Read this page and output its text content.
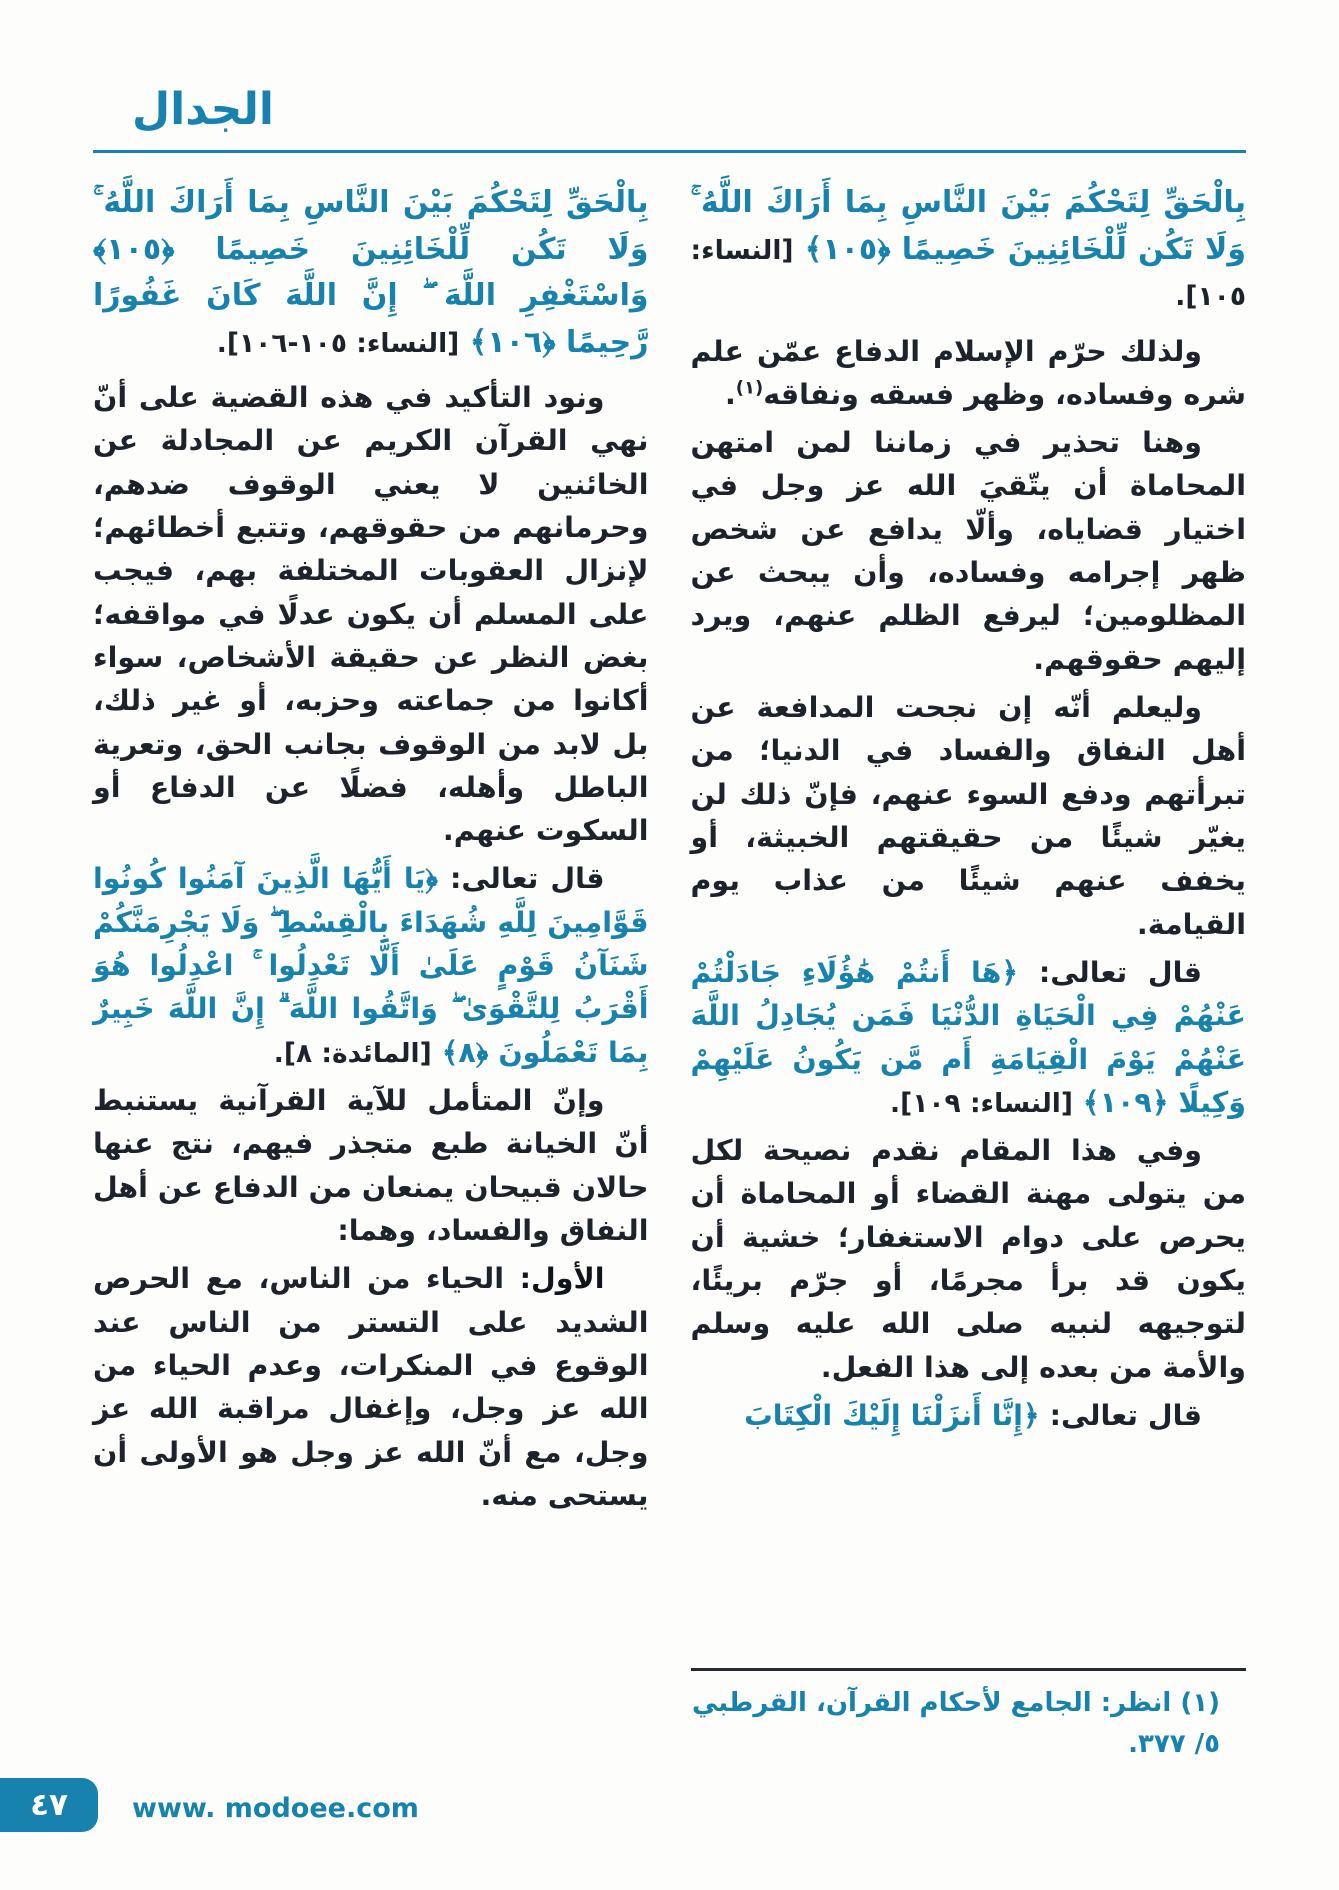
الجدال

بِالْحَقِّ لِتَحْكُمَ بَيْنَ النَّاسِ بِمَا أَرَاكَ اللَّهُ ۚ وَلَا تَكُن لِّلْخَائِنِينَ خَصِيمًا ﴿١٠٥﴾ [النساء: ١٠٥].

ولذلك حرّم الإسلام الدفاع عمّن علم شره وفساده، وظهر فسقه ونفاقه$^{(١)}$.

وهنا تحذير في زماننا لمن امتهن المحاماة أن يتّقيَ الله عز وجل في اختيار قضاياه، وألّا يدافع عن شخص ظهر إجرامه وفساده، وأن يبحث عن المظلومين؛ ليرفع الظلم عنهم، ويرد إليهم حقوقهم.

وليعلم أنّه إن نجحت المدافعة عن أهل النفاق والفساد في الدنيا؛ من تبرأتهم ودفع السوء عنهم، فإنّ ذلك لن يغيّر شيئًا من حقيقتهم الخبيثة، أو يخفف عنهم شيئًا من عذاب يوم القيامة.

قال تعالى: ﴿هَا أَنتُمْ هَٰؤُلَاءِ جَادَلْتُمْ عَنْهُمْ فِي الْحَيَاةِ الدُّنْيَا فَمَن يُجَادِلُ اللَّهَ عَنْهُمْ يَوْمَ الْقِيَامَةِ أَم مَّن يَكُونُ عَلَيْهِمْ وَكِيلًا ﴿١٠٩﴾ [النساء: ١٠٩].

وفي هذا المقام نقدم نصيحة لكل من يتولى مهنة القضاء أو المحاماة أن يحرص على دوام الاستغفار؛ خشية أن يكون قد برأ مجرمًا، أو جرّم بريئًا، لتوجيهه لنبيه صلى الله عليه وسلم والأمة من بعده إلى هذا الفعل.

قال تعالى: ﴿إِنَّا أَنزَلْنَا إِلَيْكَ الْكِتَابَ

(١) انظر: الجامع لأحكام القرآن، القرطبي ٥/ ٣٧٧.

بِالْحَقِّ لِتَحْكُمَ بَيْنَ النَّاسِ بِمَا أَرَاكَ اللَّهُ ۚ وَلَا تَكُن لِّلْخَائِنِينَ خَصِيمًا ﴿١٠٥﴾ وَاسْتَغْفِرِ اللَّهَ ۖ إِنَّ اللَّهَ كَانَ غَفُورًا رَّحِيمًا ﴿١٠٦﴾ [النساء: ١٠٥-١٠٦].

ونود التأكيد في هذه القضية على أنّ نهي القرآن الكريم عن المجادلة عن الخائنين لا يعني الوقوف ضدهم، وحرمانهم من حقوقهم، وتتبع أخطائهم؛ لإنزال العقوبات المختلفة بهم، فيجب على المسلم أن يكون عدلًا في مواقفه؛ بغض النظر عن حقيقة الأشخاص، سواء أكانوا من جماعته وحزبه، أو غير ذلك، بل لابد من الوقوف بجانب الحق، وتعرية الباطل وأهله، فضلًا عن الدفاع أو السكوت عنهم.

قال تعالى: ﴿يَا أَيُّهَا الَّذِينَ آمَنُوا كُونُوا قَوَّامِينَ لِلَّهِ شُهَدَاءَ بِالْقِسْطِ ۖ وَلَا يَجْرِمَنَّكُمْ شَنَآنُ قَوْمٍ عَلَىٰ أَلَّا تَعْدِلُوا ۚ اعْدِلُوا هُوَ أَقْرَبُ لِلتَّقْوَىٰ ۖ وَاتَّقُوا اللَّهَ ۗ إِنَّ اللَّهَ خَبِيرٌ بِمَا تَعْمَلُونَ ﴿٨﴾ [المائدة: ٨].

وإنّ المتأمل للآية القرآنية يستنبط أنّ الخيانة طبع متجذر فيهم، نتج عنها حالان قبيحان يمنعان من الدفاع عن أهل النفاق والفساد، وهما:

الأول: الحياء من الناس، مع الحرص الشديد على التستر من الناس عند الوقوع في المنكرات، وعدم الحياء من الله عز وجل، وإغفال مراقبة الله عز وجل، مع أنّ الله عز وجل هو الأولى أن يستحى منه.

٤٧ www. modoee.com
